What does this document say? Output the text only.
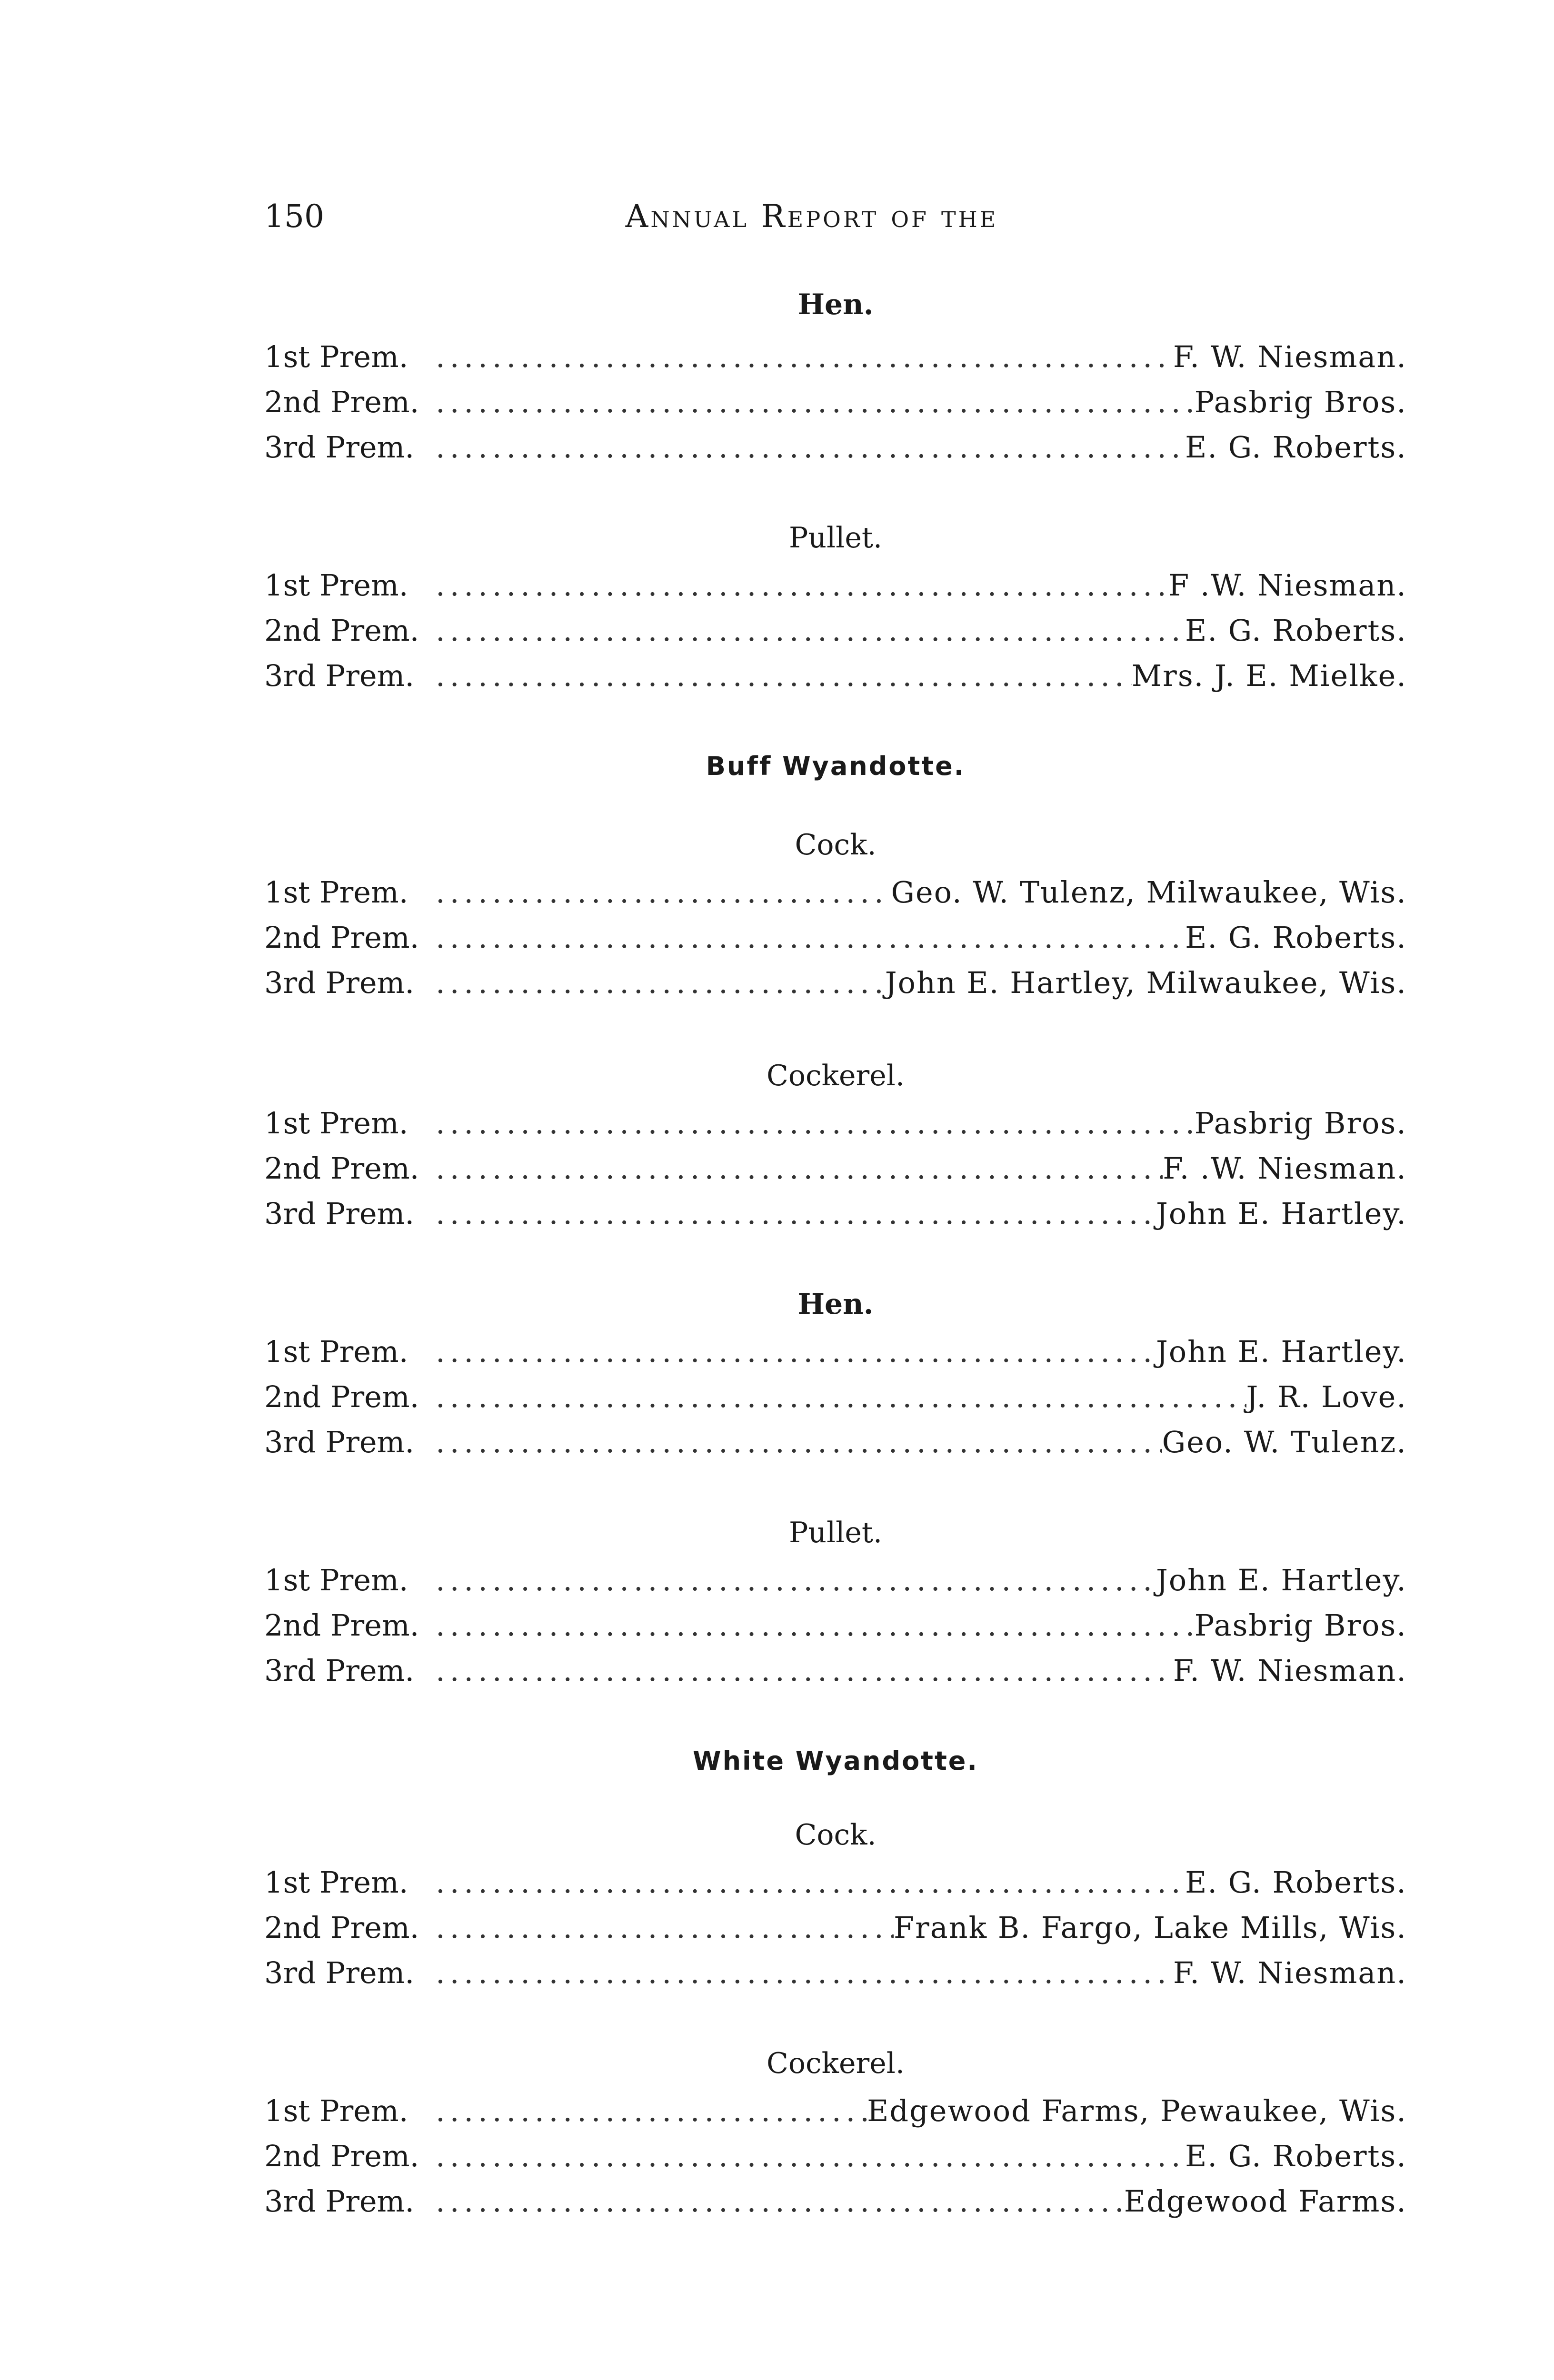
150	Annual Report of the
Hen.
1st Prem. .....	F. W. Niesman.
2nd Prem. .....	Pasbrig Bros.
3rd Prem. .....	E. G. Roberts.
Pullet.
1st Prem. .....	F .W. Niesman.
2nd Prem. .....	E. G. Roberts.
3rd Prem. .....	Mrs. J. E. Mielke.
Buff Wyandotte.
Cock.
1st Prem. .....	Geo. W. Tulenz, Milwaukee, Wis.
2nd Prem. .....	E. G. Roberts.
3rd Prem. .....	John E. Hartley, Milwaukee, Wis.
Cockerel.
1st Prem. .....	Pasbrig Bros.
2nd Prem. .....	F. .W. Niesman.
3rd Prem. .....	John E. Hartley.
Hen.
1st Prem. .....	John E. Hartley.
2nd Prem. .....	J. R. Love.
3rd Prem. .....	Geo. W. Tulenz.
Pullet.
1st Prem. .....	John E. Hartley.
2nd Prem. .....	Pasbrig Bros.
3rd Prem. .....	F. W. Niesman.
White Wyandotte.
Cock.
1st Prem. .....	E. G. Roberts.
2nd Prem. .....	Frank B. Fargo, Lake Mills, Wis.
3rd Prem. .....	F. W. Niesman.
Cockerel.
1st Prem. .....	Edgewood Farms, Pewaukee, Wis.
2nd Prem. .....	E. G. Roberts.
3rd Prem. .....	Edgewood Farms.
